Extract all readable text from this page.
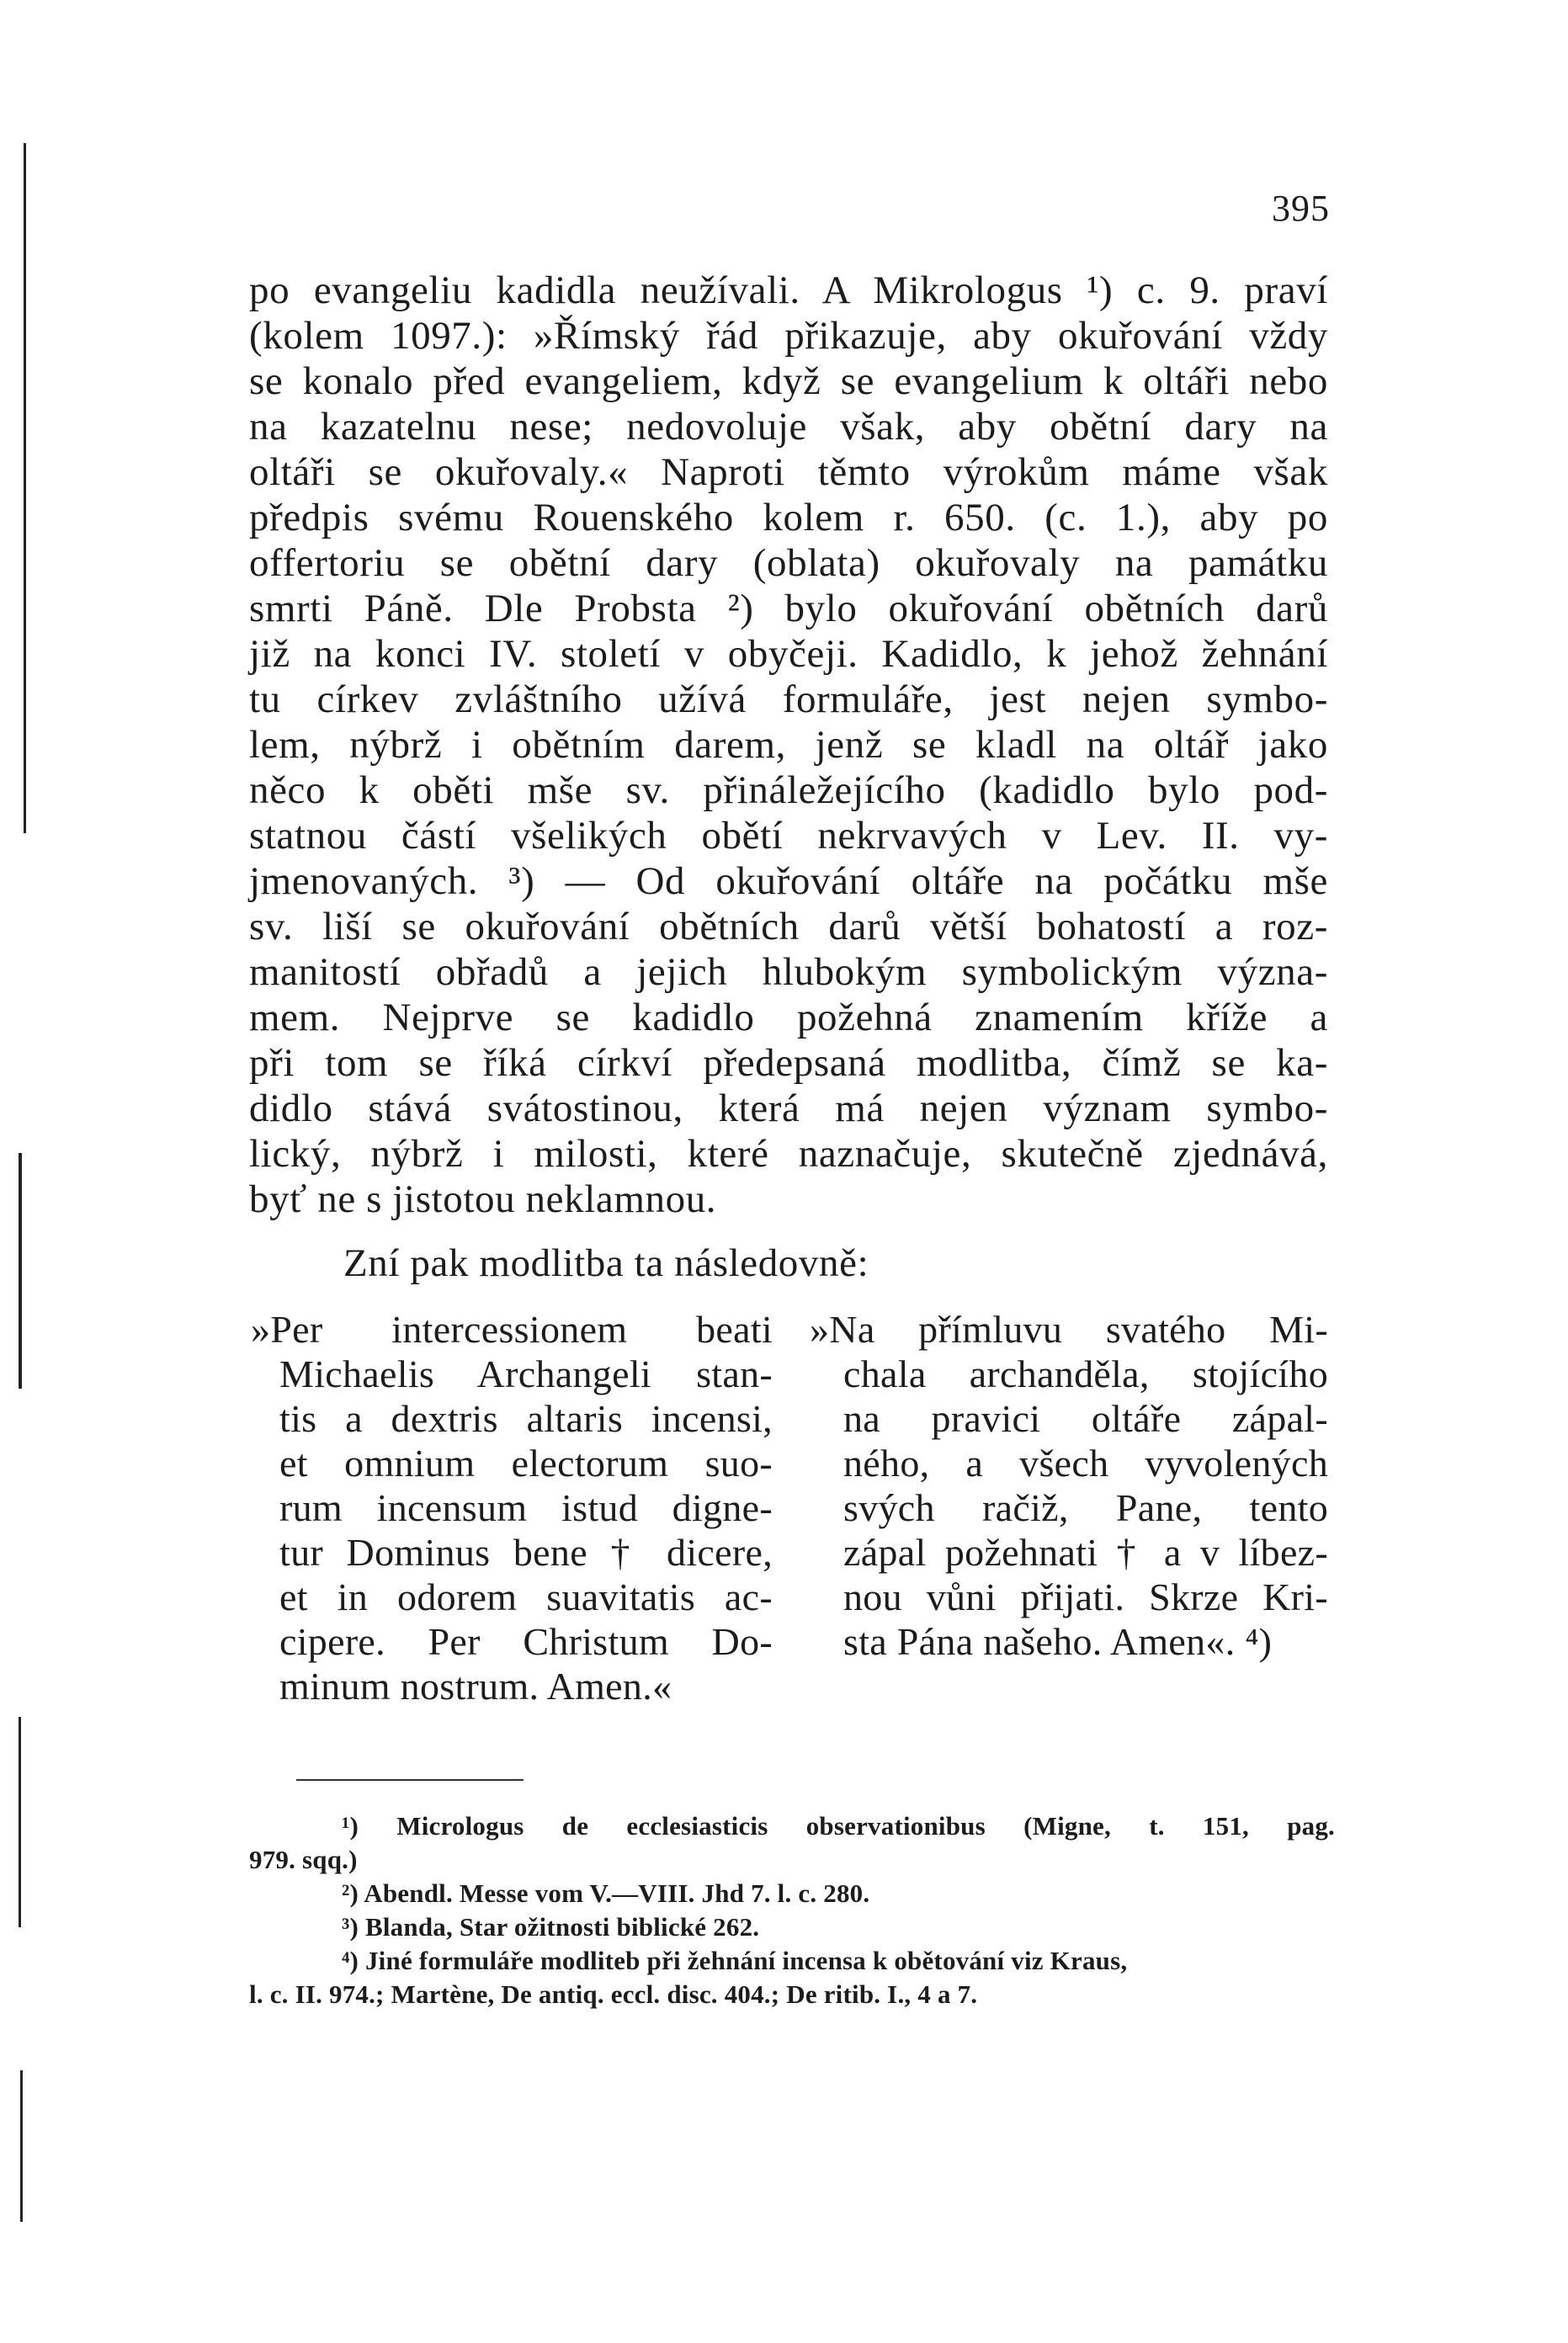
395
po evangeliu kadidla neužívali. A Mikrologus ¹) c. 9. praví
(kolem 1097.): »Římský řád přikazuje, aby okuřování vždy
se konalo před evangeliem, když se evangelium k oltáři nebo
na kazatelnu nese; nedovoluje však, aby obětní dary na
oltáři se okuřovaly.« Naproti těmto výrokům máme však
předpis svému Rouenského kolem r. 650. (c. 1.), aby po
offertoriu se obětní dary (oblata) okuřovaly na památku
smrti Páně. Dle Probsta ²) bylo okuřování obětních darů
již na konci IV. století v obyčeji. Kadidlo, k jehož žehnání
tu církev zvláštního užívá formuláře, jest nejen symbo-
lem, nýbrž i obětním darem, jenž se kladl na oltář jako
něco k oběti mše sv. přináležejícího (kadidlo bylo pod-
statnou částí všelikých obětí nekrvavých v Lev. II. vy-
jmenovaných. ³) — Od okuřování oltáře na počátku mše
sv. liší se okuřování obětních darů větší bohatostí a roz-
manitostí obřadů a jejich hlubokým symbolickým význa-
mem. Nejprve se kadidlo požehná znamením kříže a
při tom se říká církví předepsaná modlitba, čímž se ka-
didlo stává svátostinou, která má nejen význam symbo-
lický, nýbrž i milosti, které naznačuje, skutečně zjednává,
byť ne s jistotou neklamnou.
Zní pak modlitba ta následovně:
»Per intercessionem beati
Michaelis Archangeli stan-
tis a dextris altaris incensi,
et omnium electorum suo-
rum incensum istud digne-
tur Dominus bene † dicere,
et in odorem suavitatis ac-
cipere. Per Christum Do-
minum nostrum. Amen.«
»Na přímluvu svatého Mi-
chala archanděla, stojícího
na pravici oltáře zápal-
ného, a všech vyvolených
svých račiž, Pane, tento
zápal požehnati † a v líbez-
nou vůni přijati. Skrze Kri-
sta Pána našeho. Amen«. ⁴)
¹) Micrologus de ecclesiasticis observationibus (Migne, t. 151, pag.
979. sqq.)
²) Abendl. Messe vom V.—VIII. Jhd 7. l. c. 280.
³) Blanda, Star ožitnosti biblické 262.
⁴) Jiné formuláře modliteb při žehnání incensa k obětování viz Kraus,
l. c. II. 974.; Martène, De antiq. eccl. disc. 404.; De ritib. I., 4 a 7.
